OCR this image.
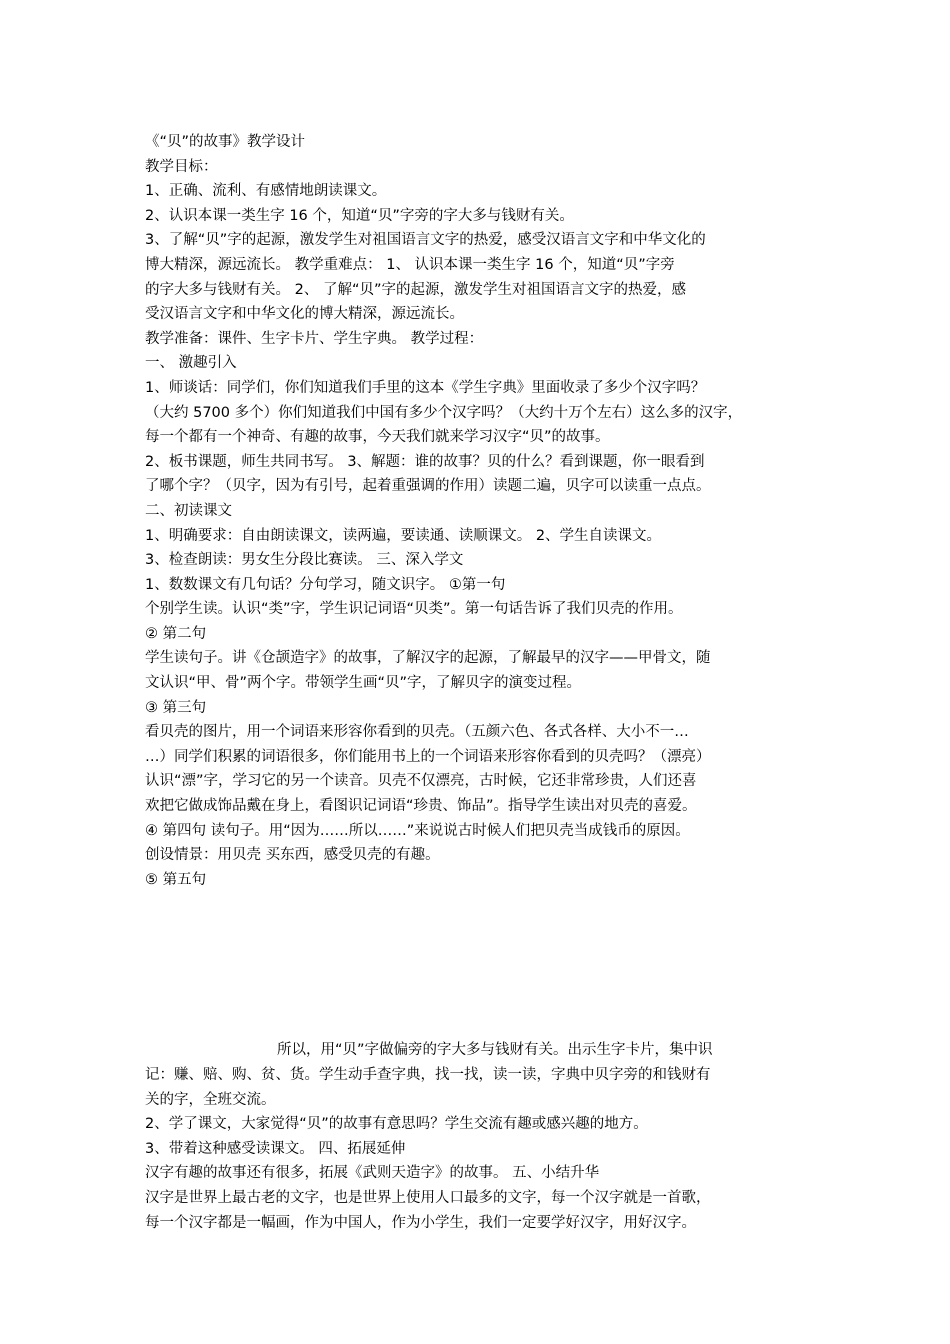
《“贝”的故事》教学设计
教学目标：
1、正确、流利、有感情地朗读课文。
2、认识本课一类生字 16 个，知道“贝”字旁的字大多与钱财有关。
3、了解“贝”字的起源，激发学生对祖国语言文字的热爱，感受汉语言文字和中华文化的
博大精深，源远流长。 教学重难点： 1、 认识本课一类生字 16 个，知道“贝”字旁
的字大多与钱财有关。 2、 了解“贝”字的起源，激发学生对祖国语言文字的热爱，感
受汉语言文字和中华文化的博大精深，源远流长。
教学准备：课件、生字卡片、学生字典。 教学过程：
一、 激趣引入
1、师谈话：同学们，你们知道我们手里的这本《学生字典》里面收录了多少个汉字吗？
（大约 5700 多个）你们知道我们中国有多少个汉字吗？（大约十万个左右）这么多的汉字，
每一个都有一个神奇、有趣的故事，今天我们就来学习汉字“贝”的故事。
2、板书课题，师生共同书写。 3、解题：谁的故事？贝的什么？看到课题，你一眼看到
了哪个字？（贝字，因为有引号，起着重强调的作用）读题二遍，贝字可以读重一点点。
二、初读课文
1、明确要求：自由朗读课文，读两遍，要读通、读顺课文。 2、学生自读课文。
3、检查朗读：男女生分段比赛读。 三、深入学文
1、数数课文有几句话？分句学习，随文识字。 ①第一句
个别学生读。认识“类”字，学生识记词语“贝类”。第一句话告诉了我们贝壳的作用。
② 第二句
学生读句子。讲《仓颉造字》的故事，了解汉字的起源，了解最早的汉字——甲骨文，随
文认识“甲、骨”两个字。带领学生画“贝”字，了解贝字的演变过程。
③ 第三句
看贝壳的图片，用一个词语来形容你看到的贝壳。（五颜六色、各式各样、大小不一…
…）同学们积累的词语很多，你们能用书上的一个词语来形容你看到的贝壳吗？（漂亮）
认识“漂”字，学习它的另一个读音。贝壳不仅漂亮，古时候，它还非常珍贵，人们还喜
欢把它做成饰品戴在身上，看图识记词语“珍贵、饰品”。指导学生读出对贝壳的喜爱。
④ 第四句 读句子。用“因为……所以……”来说说古时候人们把贝壳当成钱币的原因。
创设情景：用贝壳 买东西，感受贝壳的有趣。
⑤ 第五句
所以，用“贝”字做偏旁的字大多与钱财有关。出示生字卡片，集中识
记：赚、赔、购、贫、货。学生动手查字典，找一找，读一读，字典中贝字旁的和钱财有
关的字，全班交流。
2、学了课文，大家觉得“贝”的故事有意思吗？学生交流有趣或感兴趣的地方。
3、带着这种感受读课文。 四、拓展延伸
汉字有趣的故事还有很多，拓展《武则天造字》的故事。 五、小结升华
汉字是世界上最古老的文字，也是世界上使用人口最多的文字，每一个汉字就是一首歌，
每一个汉字都是一幅画，作为中国人，作为小学生，我们一定要学好汉字，用好汉字。
